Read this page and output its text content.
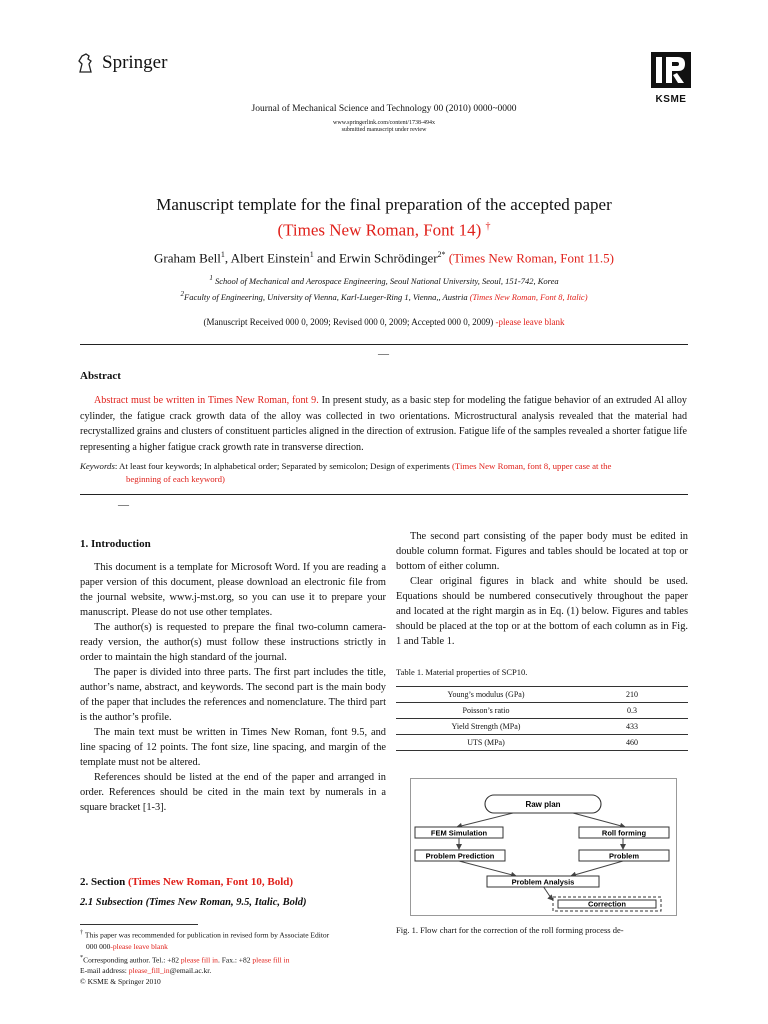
Springer
KSME
Journal of Mechanical Science and Technology 00 (2010) 0000~0000
www.springerlink.com/content/1738-494x
submitted manuscript under review
Manuscript template for the final preparation of the accepted paper
(Times New Roman, Font 14) †
Graham Bell$^1$, Albert Einstein$^1$ and Erwin Schrödinger$^{2*}$ (Times New Roman, Font 11.5)
$^1$ School of Mechanical and Aerospace Engineering, Seoul National University, Seoul, 151-742, Korea
$^2$Faculty of Engineering, University of Vienna, Karl-Lueger-Ring 1, Vienna,, Austria (Times New Roman, Font 8, Italic)
(Manuscript Received 000 0, 2009; Revised 000 0, 2009; Accepted 000 0, 2009) -please leave blank
—
Abstract

Abstract must be written in Times New Roman, font 9. In present study, as a basic step for modeling the fatigue behavior of an extruded Al alloy cylinder, the fatigue crack growth data of the alloy was collected in two orientations. Microstructural analysis revealed that the material had recrystallized grains and clusters of constituent particles aligned in the direction of extrusion. Fatigue life of the samples revealed a shorter fatigue life representing a higher fatigue crack growth rate in transverse direction.

Keywords: At least four keywords; In alphabetical order; Separated by semicolon; Design of experiments (Times New Roman, font 8, upper case at the
beginning of each keyword)
—
1. Introduction

This document is a template for Microsoft Word. If you are reading a paper version of this document, please download an electronic file from the journal website, www.j-mst.org, so you can use it to prepare your manuscript. Please do not use other templates.

The author(s) is requested to prepare the final two-column camera-ready version, the author(s) must follow these instructions strictly in order to maintain the high standard of the journal.

The paper is divided into three parts. The first part includes the title, author’s name, abstract, and keywords. The second part is the main body of the paper that includes the references and nomenclature. The third part is the author’s profile.

The main text must be written in Times New Roman, font 9.5, and line spacing of 12 points. The font size, line spacing, and margin of the template must not be altered.

References should be listed at the end of the paper and arranged in order. References should be cited in the main text by numerals in a square bracket [1-3].

2. Section (Times New Roman, Font 10, Bold)
2.1 Subsection (Times New Roman, 9.5, Italic, Bold)
† This paper was recommended for publication in revised form by Associate Editor
000 000-please leave blank
*Corresponding author. Tel.: +82 please fill in. Fax.: +82 please fill in
E-mail address: please_fill_in@email.ac.kr.
© KSME & Springer 2010

The second part consisting of the paper body must be edited in double column format. Figures and tables should be located at top or bottom of either column.

Clear original figures in black and white should be used. Equations should be numbered consecutively throughout the paper and located at the right margin as in Eq. (1) below. Figures and tables should be placed at the top or at the bottom of each column as in Fig. 1 and Table 1.

Table 1. Material properties of SCP10.
Young’s modulus (GPa)	210
Poisson’s ratio	0.3
Yield Strength (MPa)	433
UTS (MPa)	460
Raw plan
FEM Simulation	Roll forming
Problem Prediction	Problem
Problem Analysis
Correction
Fig. 1. Flow chart for the correction of the roll forming process de-
